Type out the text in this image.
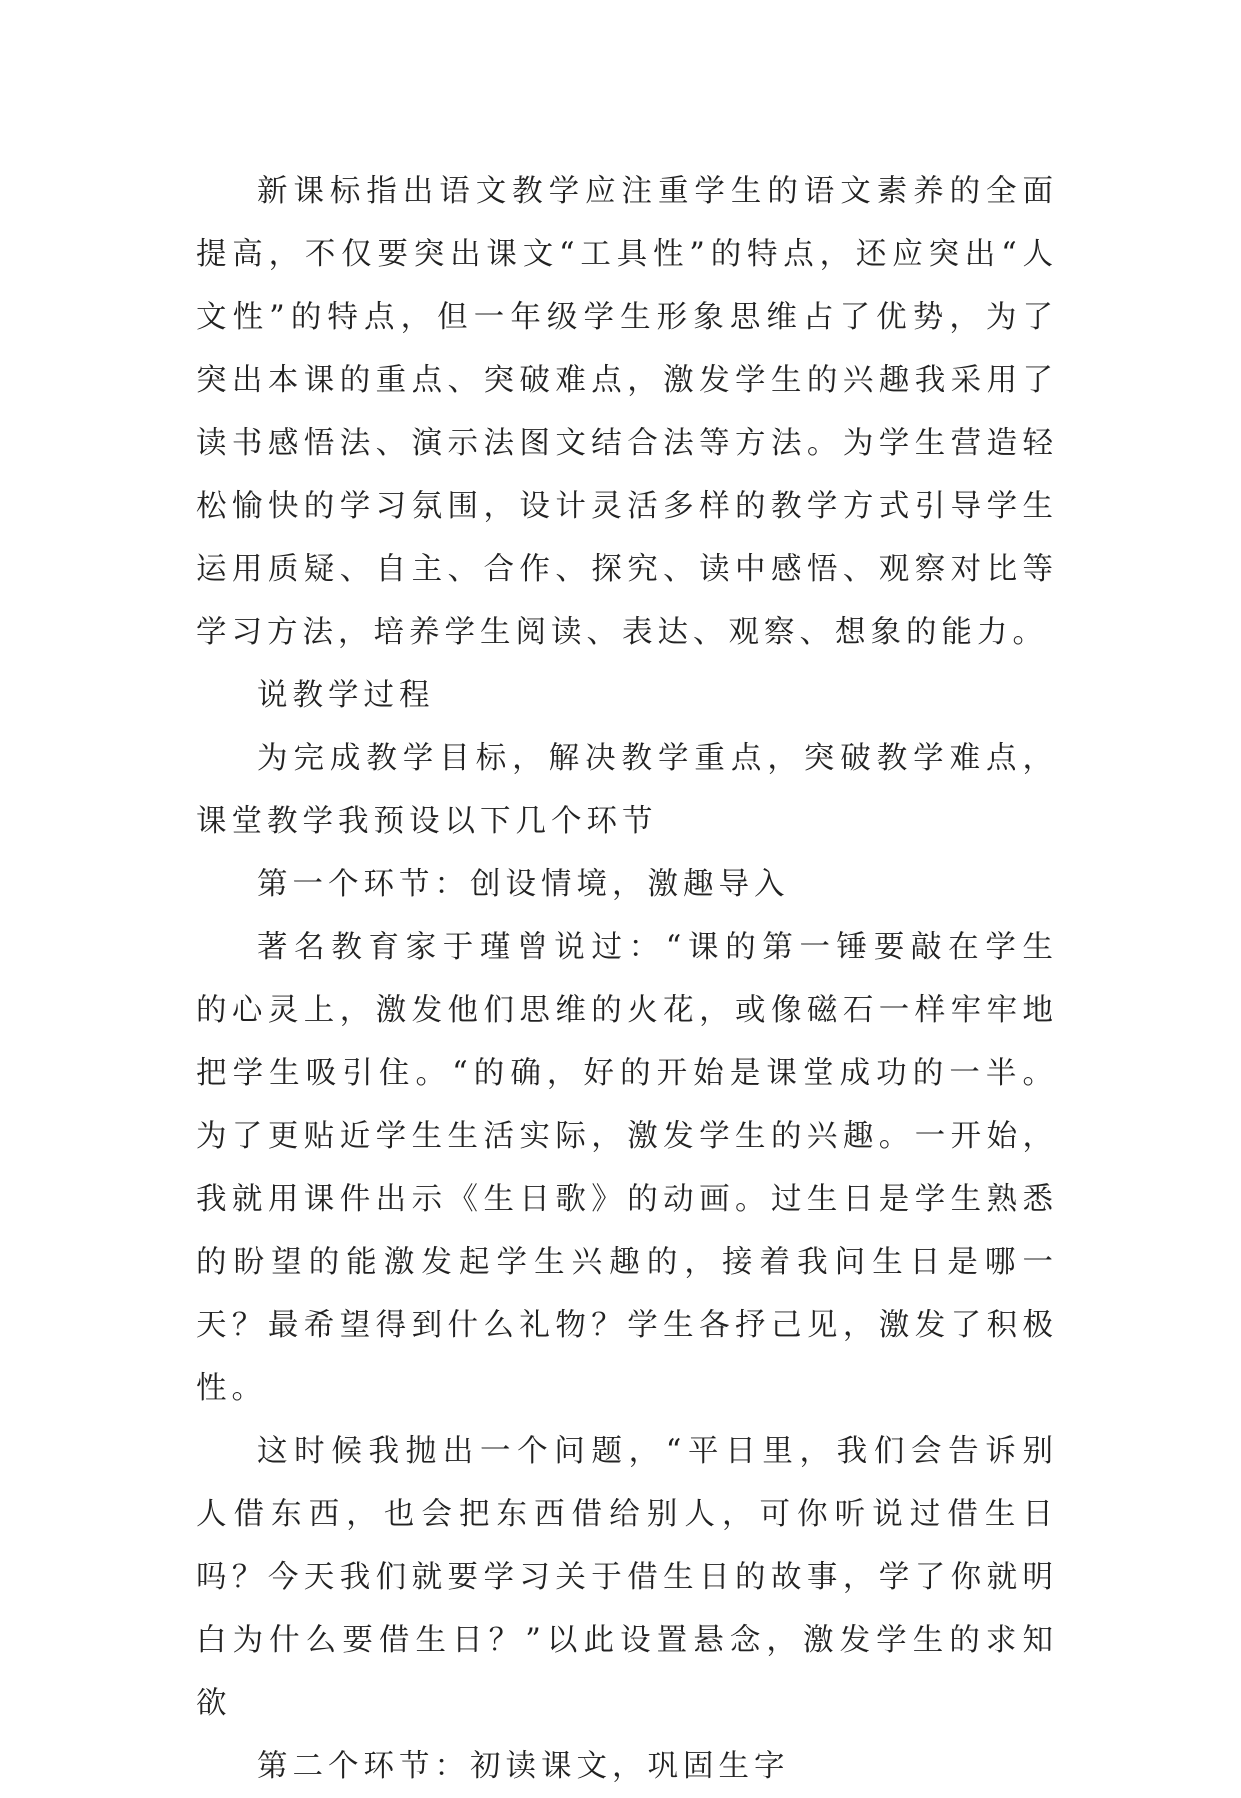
新课标指出语文教学应注重学生的语文素养的全面提高，不仅要突出课文“工具性”的特点，还应突出“人文性”的特点，但一年级学生形象思维占了优势，为了突出本课的重点、突破难点，激发学生的兴趣我采用了读书感悟法、演示法图文结合法等方法。为学生营造轻松愉快的学习氛围，设计灵活多样的教学方式引导学生运用质疑、自主、合作、探究、读中感悟、观察对比等学习方法，培养学生阅读、表达、观察、想象的能力。

说教学过程

为完成教学目标，解决教学重点，突破教学难点，课堂教学我预设以下几个环节

第一个环节：创设情境，激趣导入

著名教育家于瑾曾说过：“课的第一锤要敲在学生的心灵上，激发他们思维的火花，或像磁石一样牢牢地把学生吸引住。“的确，好的开始是课堂成功的一半。为了更贴近学生生活实际，激发学生的兴趣。一开始，我就用课件出示《生日歌》的动画。过生日是学生熟悉的盼望的能激发起学生兴趣的，接着我问生日是哪一天？最希望得到什么礼物？学生各抒己见，激发了积极性。

这时候我抛出一个问题，“平日里，我们会告诉别人借东西，也会把东西借给别人，可你听说过借生日吗？今天我们就要学习关于借生日的故事，学了你就明白为什么要借生日？”以此设置悬念，激发学生的求知欲

第二个环节：初读课文，巩固生字
